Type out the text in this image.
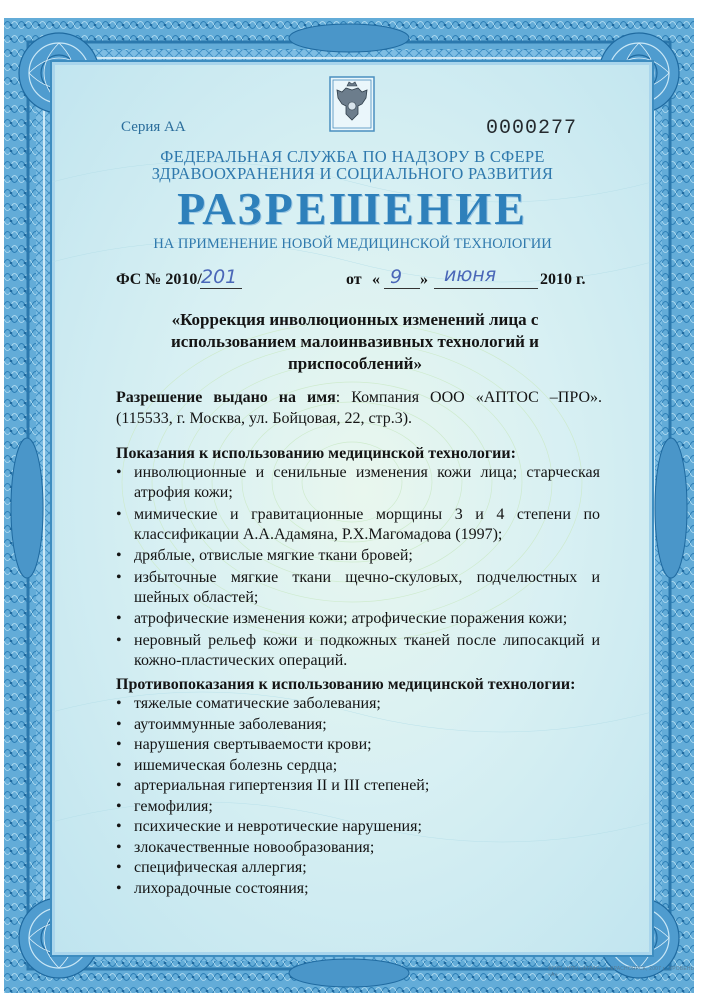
Серия АА	0000277
ФЕДЕРАЛЬНАЯ СЛУЖБА ПО НАДЗОРУ В СФЕРЕ
ЗДРАВООХРАНЕНИЯ И СОЦИАЛЬНОГО РАЗВИТИЯ
РАЗРЕШЕНИЕ
НА ПРИМЕНЕНИЕ НОВОЙ МЕДИЦИНСКОЙ ТЕХНОЛОГИИ
ФС № 2010/ 201	от « 9 » июня	2010 г.
«Коррекция инволюционных изменений лица с использованием малоинвазивных технологий и приспособлений»
Разрешение выдано на имя: Компания ООО «АПТОС –ПРО». (115533, г. Москва, ул. Бойцовая, 22, стр.3).
Показания к использованию медицинской технологии:
• инволюционные и сенильные изменения кожи лица; старческая атрофия кожи;
• мимические и гравитационные морщины 3 и 4 степени по классификации А.А.Адамяна, Р.Х.Магомадова (1997);
• дряблые, отвислые мягкие ткани бровей;
• избыточные мягкие ткани щечно-скуловых, подчелюстных и шейных областей;
• атрофические изменения кожи; атрофические поражения кожи;
• неровный рельеф кожи и подкожных тканей после липосакций и кожно-пластических операций.
Противопоказания к использованию медицинской технологии:
• тяжелые соматические заболевания;
• аутоиммунные заболевания;
• нарушения свертываемости крови;
• ишемическая болезнь сердца;
• артериальная гипертензия II и III степеней;
• гемофилия;
• психические и невротические нарушения;
• злокачественные новообразования;
• специфическая аллергия;
• лихорадочные состояния;
ФГУП «НПЦ «АТЛАС», г. КРАСНОЯРСК, 2007 г., УРОВЕНЬ «А»
